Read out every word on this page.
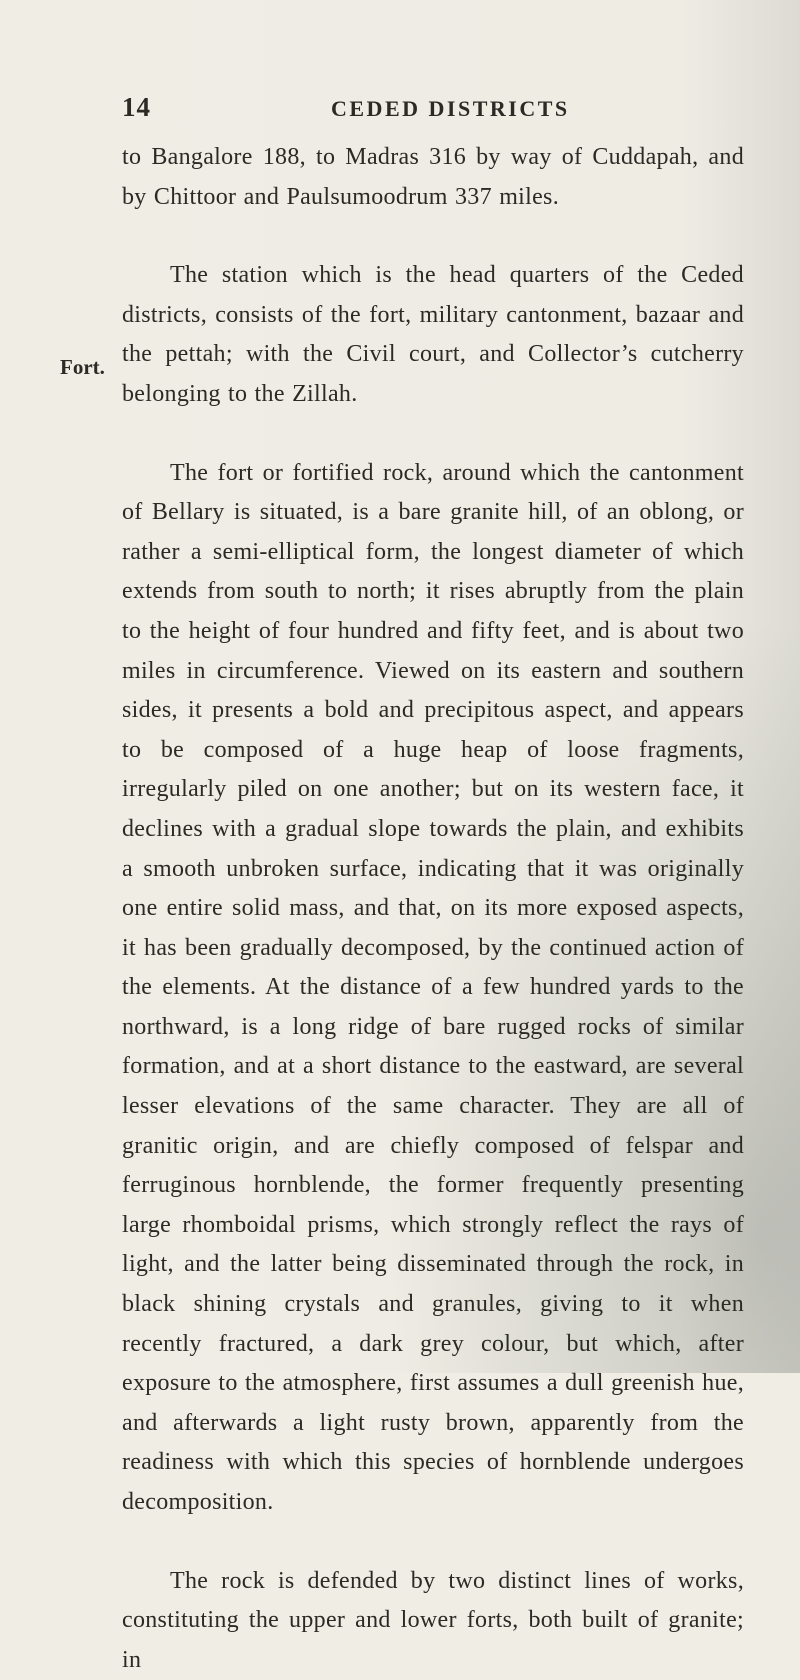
14	CEDED DISTRICTS
Fort.

to Bangalore 188, to Madras 316 by way of Cuddapah, and by Chittoor and Paulsumoodrum 337 miles.

The station which is the head quarters of the Ceded districts, consists of the fort, military cantonment, bazaar and the pettah; with the Civil court, and Collector’s cutcherry belonging to the Zillah.

The fort or fortified rock, around which the cantonment of Bellary is situated, is a bare granite hill, of an oblong, or rather a semi-elliptical form, the longest diameter of which extends from south to north; it rises abruptly from the plain to the height of four hundred and fifty feet, and is about two miles in circumference. Viewed on its eastern and southern sides, it presents a bold and precipitous aspect, and appears to be composed of a huge heap of loose fragments, irregularly piled on one another; but on its western face, it declines with a gradual slope towards the plain, and exhibits a smooth unbroken surface, indicating that it was originally one entire solid mass, and that, on its more exposed aspects, it has been gradually decomposed, by the continued action of the elements. At the distance of a few hundred yards to the northward, is a long ridge of bare rugged rocks of similar formation, and at a short distance to the eastward, are several lesser elevations of the same character. They are all of granitic origin, and are chiefly composed of felspar and ferruginous hornblende, the former frequently presenting large rhomboidal prisms, which strongly reflect the rays of light, and the latter being disseminated through the rock, in black shining crystals and granules, giving to it when recently fractured, a dark grey colour, but which, after exposure to the atmosphere, first assumes a dull greenish hue, and afterwards a light rusty brown, apparently from the readiness with which this species of hornblende undergoes decomposition.

The rock is defended by two distinct lines of works, constituting the upper and lower forts, both built of granite; in
